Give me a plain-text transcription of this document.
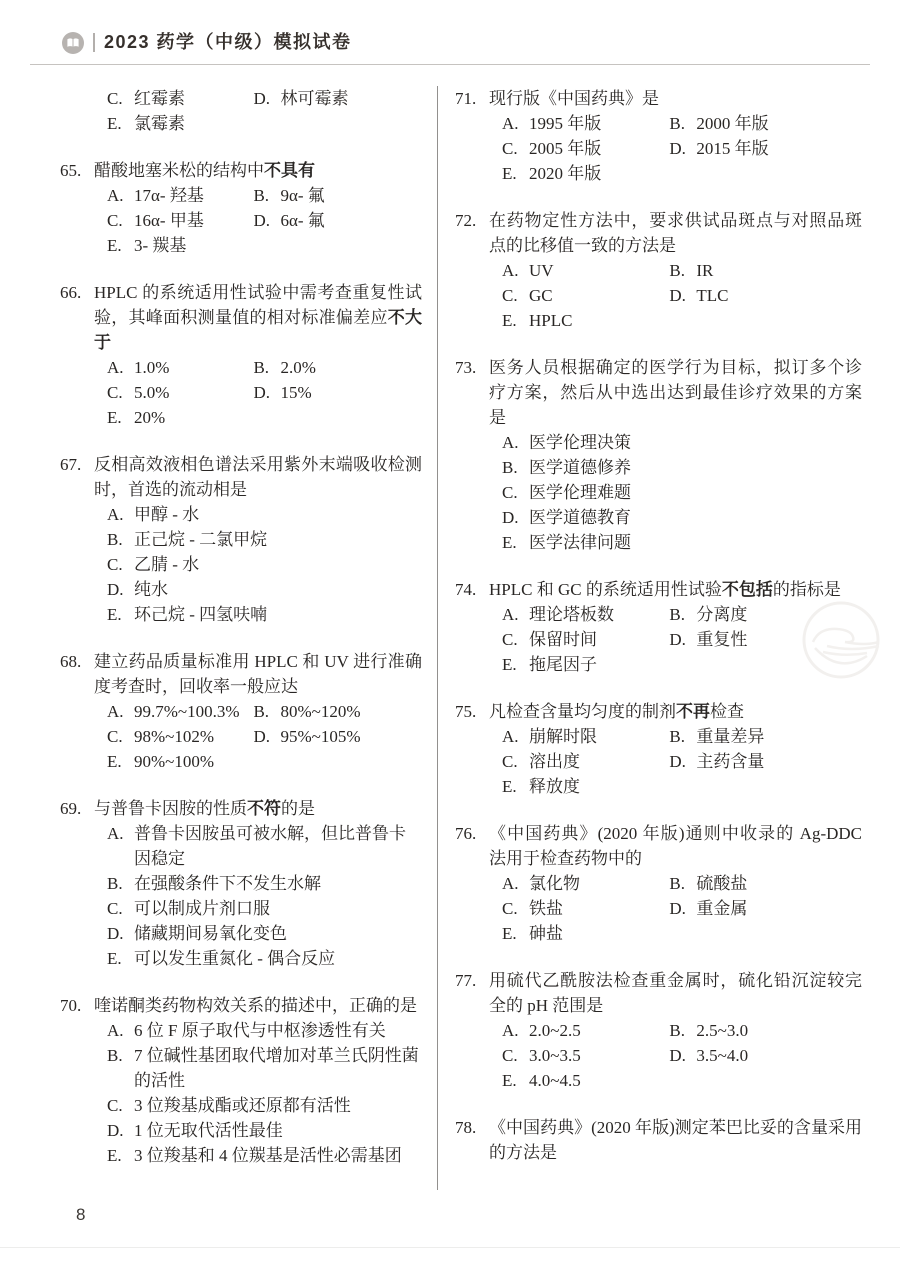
2023 药学（中级）模拟试卷
C. 红霉素	D. 林可霉素
E. 氯霉素
65. 醋酸地塞米松的结构中不具有
A. 17α- 羟基	B. 9α- 氟
C. 16α- 甲基	D. 6α- 氟
E. 3- 羰基
66. HPLC 的系统适用性试验中需考查重复性试验，其峰面积测量值的相对标准偏差应不大于
A. 1.0%	B. 2.0%
C. 5.0%	D. 15%
E. 20%
67. 反相高效液相色谱法采用紫外末端吸收检测时，首选的流动相是
A. 甲醇 - 水
B. 正己烷 - 二氯甲烷
C. 乙腈 - 水
D. 纯水
E. 环己烷 - 四氢呋喃
68. 建立药品质量标准用 HPLC 和 UV 进行准确度考查时，回收率一般应达
A. 99.7%~100.3% B. 80%~120%
C. 98%~102%	D. 95%~105%
E. 90%~100%
69. 与普鲁卡因胺的性质不符的是
A. 普鲁卡因胺虽可被水解，但比普鲁卡因稳定
B. 在强酸条件下不发生水解
C. 可以制成片剂口服
D. 储藏期间易氧化变色
E. 可以发生重氮化 - 偶合反应
70. 喹诺酮类药物构效关系的描述中，正确的是
A. 6 位 F 原子取代与中枢渗透性有关
B. 7 位碱性基团取代增加对革兰氏阴性菌的活性
C. 3 位羧基成酯或还原都有活性
D. 1 位无取代活性最佳
E. 3 位羧基和 4 位羰基是活性必需基团
71. 现行版《中国药典》是
A. 1995 年版	B. 2000 年版
C. 2005 年版	D. 2015 年版
E. 2020 年版
72. 在药物定性方法中，要求供试品斑点与对照品斑点的比移值一致的方法是
A. UV	B. IR
C. GC	D. TLC
E. HPLC
73. 医务人员根据确定的医学行为目标，拟订多个诊疗方案，然后从中选出达到最佳诊疗效果的方案是
A. 医学伦理决策
B. 医学道德修养
C. 医学伦理难题
D. 医学道德教育
E. 医学法律问题
74. HPLC 和 GC 的系统适用性试验不包括的指标是
A. 理论塔板数	B. 分离度
C. 保留时间	D. 重复性
E. 拖尾因子
75. 凡检查含量均匀度的制剂不再检查
A. 崩解时限	B. 重量差异
C. 溶出度	D. 主药含量
E. 释放度
76. 《中国药典》(2020 年版)通则中收录的 Ag-DDC 法用于检查药物中的
A. 氯化物	B. 硫酸盐
C. 铁盐	D. 重金属
E. 砷盐
77. 用硫代乙酰胺法检查重金属时，硫化铅沉淀较完全的 pH 范围是
A. 2.0~2.5	B. 2.5~3.0
C. 3.0~3.5	D. 3.5~4.0
E. 4.0~4.5
78. 《中国药典》(2020 年版)测定苯巴比妥的含量采用的方法是
8
